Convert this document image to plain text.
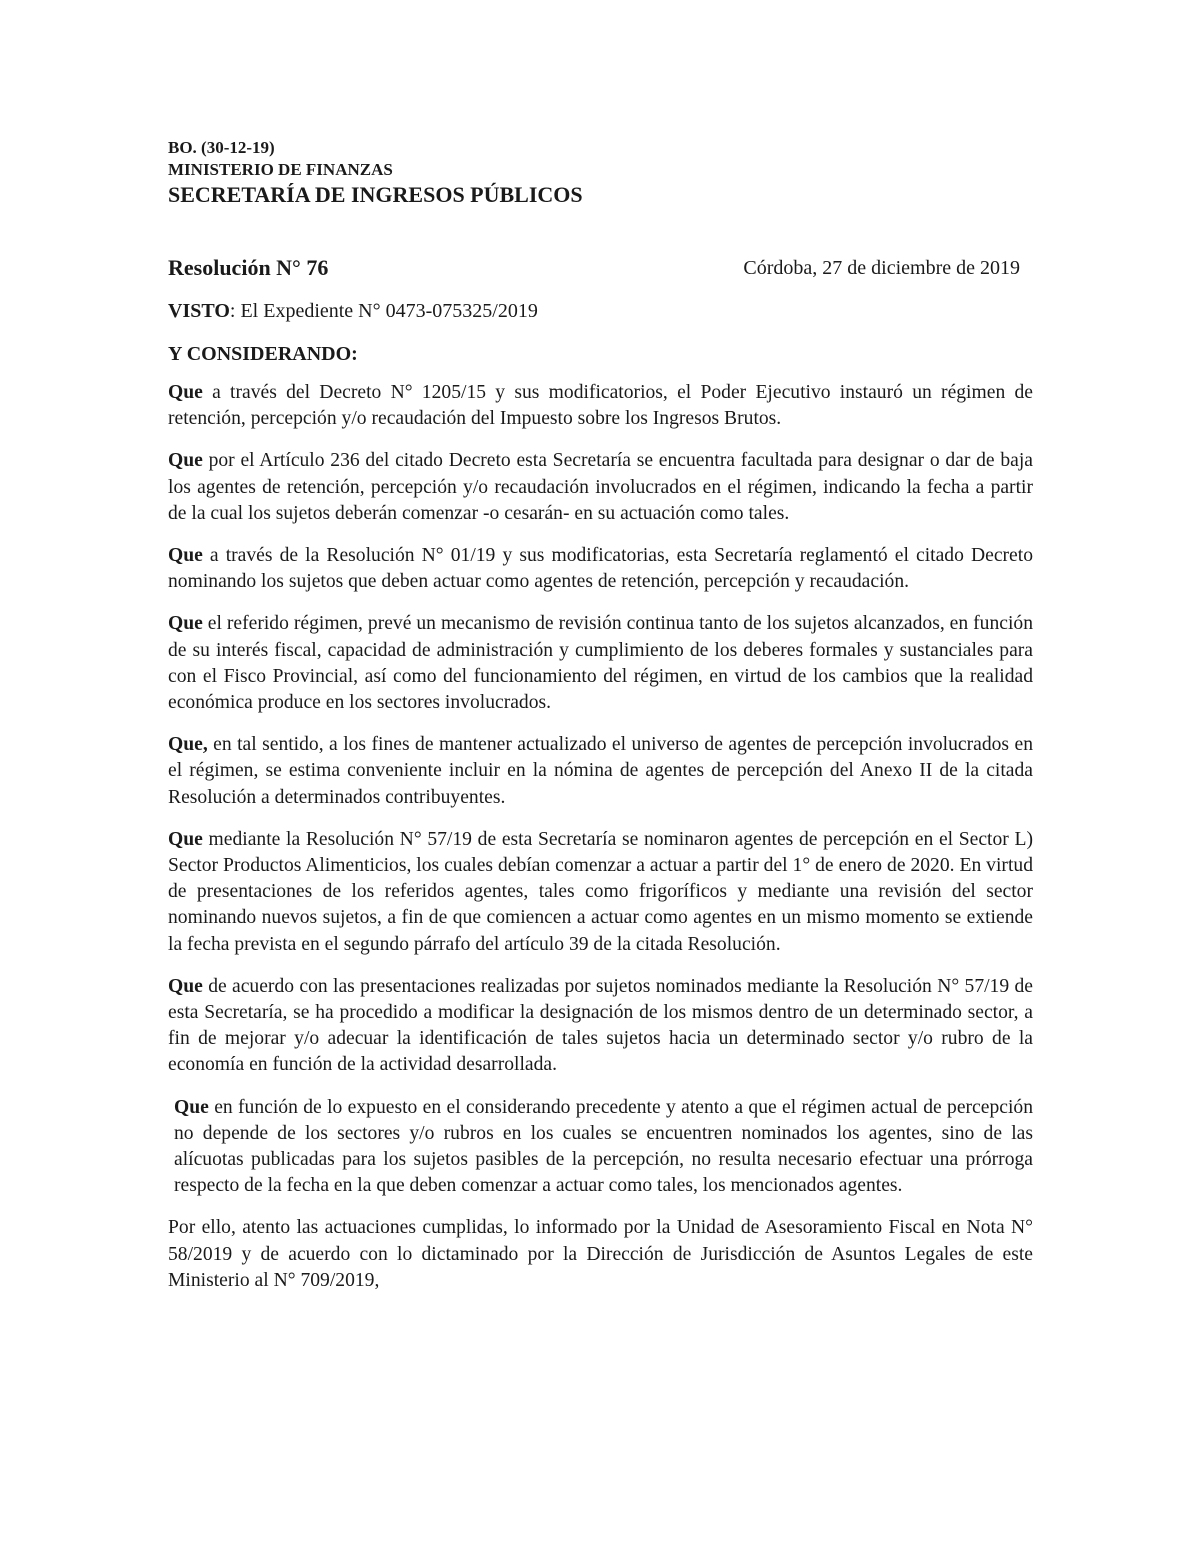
BO. (30-12-19)

MINISTERIO DE FINANZAS

SECRETARÍA DE INGRESOS PÚBLICOS

Resolución N° 76	Córdoba, 27 de diciembre de 2019
VISTO: El Expediente N° 0473-075325/2019
Y CONSIDERANDO:

Que a través del Decreto N° 1205/15 y sus modificatorios, el Poder Ejecutivo instauró un régimen de retención, percepción y/o recaudación del Impuesto sobre los Ingresos Brutos.

Que por el Artículo 236 del citado Decreto esta Secretaría se encuentra facultada para designar o dar de baja los agentes de retención, percepción y/o recaudación involucrados en el régimen, indicando la fecha a partir de la cual los sujetos deberán comenzar -o cesarán- en su actuación como tales.

Que a través de la Resolución N° 01/19 y sus modificatorias, esta Secretaría reglamentó el citado Decreto nominando los sujetos que deben actuar como agentes de retención, percepción y recaudación.

Que el referido régimen, prevé un mecanismo de revisión continua tanto de los sujetos alcanzados, en función de su interés fiscal, capacidad de administración y cumplimiento de los deberes formales y sustanciales para con el Fisco Provincial, así como del funcionamiento del régimen, en virtud de los cambios que la realidad económica produce en los sectores involucrados.

Que, en tal sentido, a los fines de mantener actualizado el universo de agentes de percepción involucrados en el régimen, se estima conveniente incluir en la nómina de agentes de percepción del Anexo II de la citada Resolución a determinados contribuyentes.

Que mediante la Resolución N° 57/19 de esta Secretaría se nominaron agentes de percepción en el Sector L) Sector Productos Alimenticios, los cuales debían comenzar a actuar a partir del 1° de enero de 2020. En virtud de presentaciones de los referidos agentes, tales como frigoríficos y mediante una revisión del sector nominando nuevos sujetos, a fin de que comiencen a actuar como agentes en un mismo momento se extiende la fecha prevista en el segundo párrafo del artículo 39 de la citada Resolución.

Que de acuerdo con las presentaciones realizadas por sujetos nominados mediante la Resolución N° 57/19 de esta Secretaría, se ha procedido a modificar la designación de los mismos dentro de un determinado sector, a fin de mejorar y/o adecuar la identificación de tales sujetos hacia un determinado sector y/o rubro de la economía en función de la actividad desarrollada.

Que en función de lo expuesto en el considerando precedente y atento a que el régimen actual de percepción no depende de los sectores y/o rubros en los cuales se encuentren nominados los agentes, sino de las alícuotas publicadas para los sujetos pasibles de la percepción, no resulta necesario efectuar una prórroga respecto de la fecha en la que deben comenzar a actuar como tales, los mencionados agentes.

Por ello, atento las actuaciones cumplidas, lo informado por la Unidad de Asesoramiento Fiscal en Nota N° 58/2019 y de acuerdo con lo dictaminado por la Dirección de Jurisdicción de Asuntos Legales de este Ministerio al N° 709/2019,
